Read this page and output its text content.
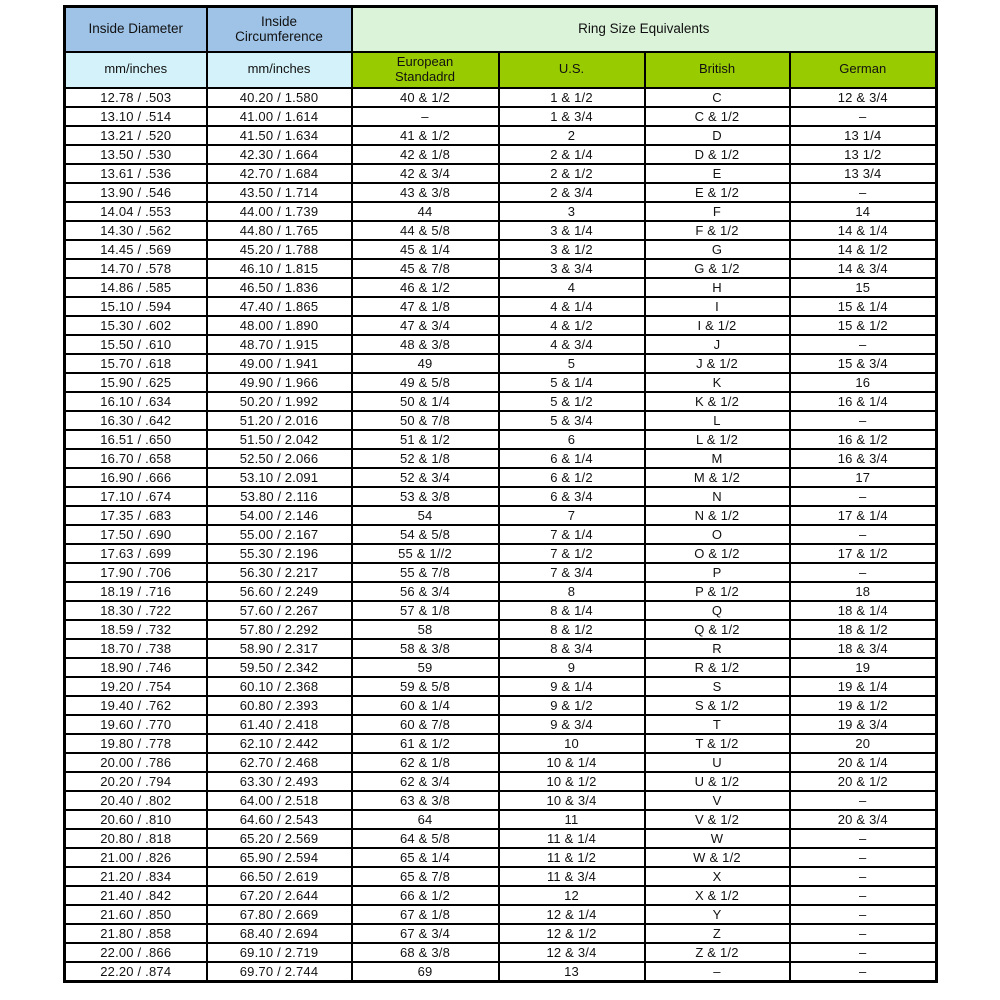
Inside Diameter	Inside Circumference	Ring Size Equivalents			
mm/inches	mm/inches	European Standadrd	U.S.	British	German
12.78 / .503	40.20 / 1.580	40 & 1/2	1 & 1/2	C	12 & 3/4
13.10 / .514	41.00 / 1.614	–	1 & 3/4	C & 1/2	–
13.21 / .520	41.50 / 1.634	41 & 1/2	2	D	13 1/4
13.50 / .530	42.30 / 1.664	42 & 1/8	2 & 1/4	D & 1/2	13 1/2
13.61 / .536	42.70 / 1.684	42 & 3/4	2 & 1/2	E	13 3/4
13.90 / .546	43.50 / 1.714	43 & 3/8	2 & 3/4	E & 1/2	–
14.04 / .553	44.00 / 1.739	44	3	F	14
14.30 / .562	44.80 / 1.765	44 & 5/8	3 & 1/4	F & 1/2	14 & 1/4
14.45 / .569	45.20 / 1.788	45 & 1/4	3 & 1/2	G	14 & 1/2
14.70 / .578	46.10 / 1.815	45 & 7/8	3 & 3/4	G & 1/2	14 & 3/4
14.86 / .585	46.50 / 1.836	46 & 1/2	4	H	15
15.10 / .594	47.40 / 1.865	47 & 1/8	4 & 1/4	I	15 & 1/4
15.30 / .602	48.00 / 1.890	47 & 3/4	4 & 1/2	I & 1/2	15 & 1/2
15.50 / .610	48.70 / 1.915	48 & 3/8	4 & 3/4	J	–
15.70 / .618	49.00 / 1.941	49	5	J & 1/2	15 & 3/4
15.90 / .625	49.90 / 1.966	49 & 5/8	5 & 1/4	K	16
16.10 / .634	50.20 / 1.992	50 & 1/4	5 & 1/2	K & 1/2	16 & 1/4
16.30 / .642	51.20 / 2.016	50 & 7/8	5 & 3/4	L	–
16.51 / .650	51.50 / 2.042	51 & 1/2	6	L & 1/2	16 & 1/2
16.70 / .658	52.50 / 2.066	52 & 1/8	6 & 1/4	M	16 & 3/4
16.90 / .666	53.10 / 2.091	52 & 3/4	6 & 1/2	M & 1/2	17
17.10 / .674	53.80 / 2.116	53 & 3/8	6 & 3/4	N	–
17.35 / .683	54.00 / 2.146	54	7	N & 1/2	17 & 1/4
17.50 / .690	55.00 / 2.167	54 & 5/8	7 & 1/4	O	–
17.63 / .699	55.30 / 2.196	55 & 1//2	7 & 1/2	O & 1/2	17 & 1/2
17.90 / .706	56.30 / 2.217	55 & 7/8	7 & 3/4	P	–
18.19 / .716	56.60 / 2.249	56 & 3/4	8	P & 1/2	18
18.30 / .722	57.60 / 2.267	57 & 1/8	8 & 1/4	Q	18 & 1/4
18.59 / .732	57.80 / 2.292	58	8 & 1/2	Q & 1/2	18 & 1/2
18.70 / .738	58.90 / 2.317	58 & 3/8	8 & 3/4	R	18 & 3/4
18.90 / .746	59.50 / 2.342	59	9	R & 1/2	19
19.20 / .754	60.10 / 2.368	59 & 5/8	9 & 1/4	S	19 & 1/4
19.40 / .762	60.80 / 2.393	60 & 1/4	9 & 1/2	S & 1/2	19 & 1/2
19.60 / .770	61.40 / 2.418	60 & 7/8	9 & 3/4	T	19 & 3/4
19.80 / .778	62.10 / 2.442	61 & 1/2	10	T & 1/2	20
20.00 / .786	62.70 / 2.468	62 & 1/8	10 & 1/4	U	20 & 1/4
20.20 / .794	63.30 / 2.493	62 & 3/4	10 & 1/2	U & 1/2	20 & 1/2
20.40 / .802	64.00 / 2.518	63 & 3/8	10 & 3/4	V	–
20.60 / .810	64.60 / 2.543	64	11	V & 1/2	20 & 3/4
20.80 / .818	65.20 / 2.569	64 & 5/8	11 & 1/4	W	–
21.00 / .826	65.90 / 2.594	65 & 1/4	11 & 1/2	W & 1/2	–
21.20 / .834	66.50 / 2.619	65 & 7/8	11 & 3/4	X	–
21.40 / .842	67.20 / 2.644	66 & 1/2	12	X & 1/2	–
21.60 / .850	67.80 / 2.669	67 & 1/8	12 & 1/4	Y	–
21.80 / .858	68.40 / 2.694	67 & 3/4	12 & 1/2	Z	–
22.00 / .866	69.10 / 2.719	68 & 3/8	12 & 3/4	Z & 1/2	–
22.20 / .874	69.70 / 2.744	69	13	–	–
